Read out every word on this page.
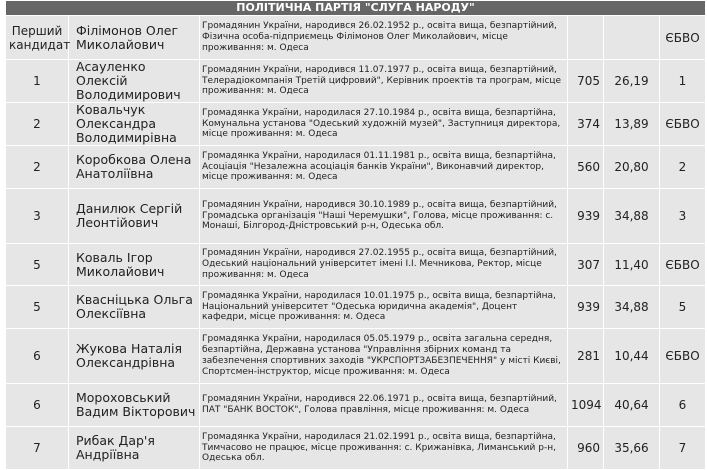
ПОЛІТИЧНА ПАРТІЯ "СЛУГА НАРОДУ"					
Перший кандидат	Філімонов Олег Миколайович	Громадянин України, народився 26.02.1952 р., освіта вища, безпартійний, Фізична особа-підприємець Філімонов Олег Миколайович, місце проживання: м. Одеса			ЄБВО
1	Асауленко Олексій Володимирович	Громадянин України, народився 11.07.1977 р., освіта вища, безпартійний, Телерадіокомпанія Третій цифровий", Керівник проектів та програм, місце проживання: м. Одеса	705	26,19	1
2	Ковальчук Олександра Володимирівна	Громадянка України, народилася 27.10.1984 р., освіта вища, безпартійна, Комунальна установа "Одеський художній музей", Заступниця директора, місце проживання: м. Одеса	374	13,89	ЄБВО
2	Коробкова Олена Анатоліївна	Громадянка України, народилася 01.11.1981 р., освіта вища, безпартійна, Асоціація "Незалежна асоціація банків України", Виконавчий директор, місце проживання: м. Одеса	560	20,80	2
3	Данилюк Сергій Леонтійович	Громадянин України, народився 30.10.1989 р., освіта вища, безпартійний, Громадська організація "Наші Черемушки", Голова, місце проживання: с. Монаші, Білгород-Дністровський р-н, Одеська обл.	939	34,88	3
5	Коваль Ігор Миколайович	Громадянин України, народився 27.02.1955 р., освіта вища, безпартійний, Одеський національний університет імені І.І. Мечникова, Ректор, місце проживання: м. Одеса	307	11,40	ЄБВО
5	Квасніцька Ольга Олексіївна	Громадянка України, народилася 10.01.1975 р., освіта вища, безпартійна, Національний університет "Одеська юридична академія", Доцент кафедри, місце проживання: м. Одеса	939	34,88	5
6	Жукова Наталія Олександрівна	Громадянка України, народилася 05.05.1979 р., освіта загальна середня, безпартійна, Державна установа "Управління збірних команд та забезпечення спортивних заходів "УКРСПОРТЗАБЕЗПЕЧЕННЯ" у місті Києві, Спортсмен-інструктор, місце проживання: м. Одеса	281	10,44	ЄБВО
6	Мороховський Вадим Вікторович	Громадянин України, народився 22.06.1971 р., освіта вища, безпартійний, ПАТ "БАНК ВОСТОК", Голова правління, місце проживання: м. Одеса	1094	40,64	6
7	Рибак Дар'я Андріївна	Громадянка України, народилася 21.02.1991 р., освіта вища, безпартійна, Тимчасово не працює, місце проживання: с. Крижанівка, Лиманський р-н, Одеська обл.	960	35,66	7
